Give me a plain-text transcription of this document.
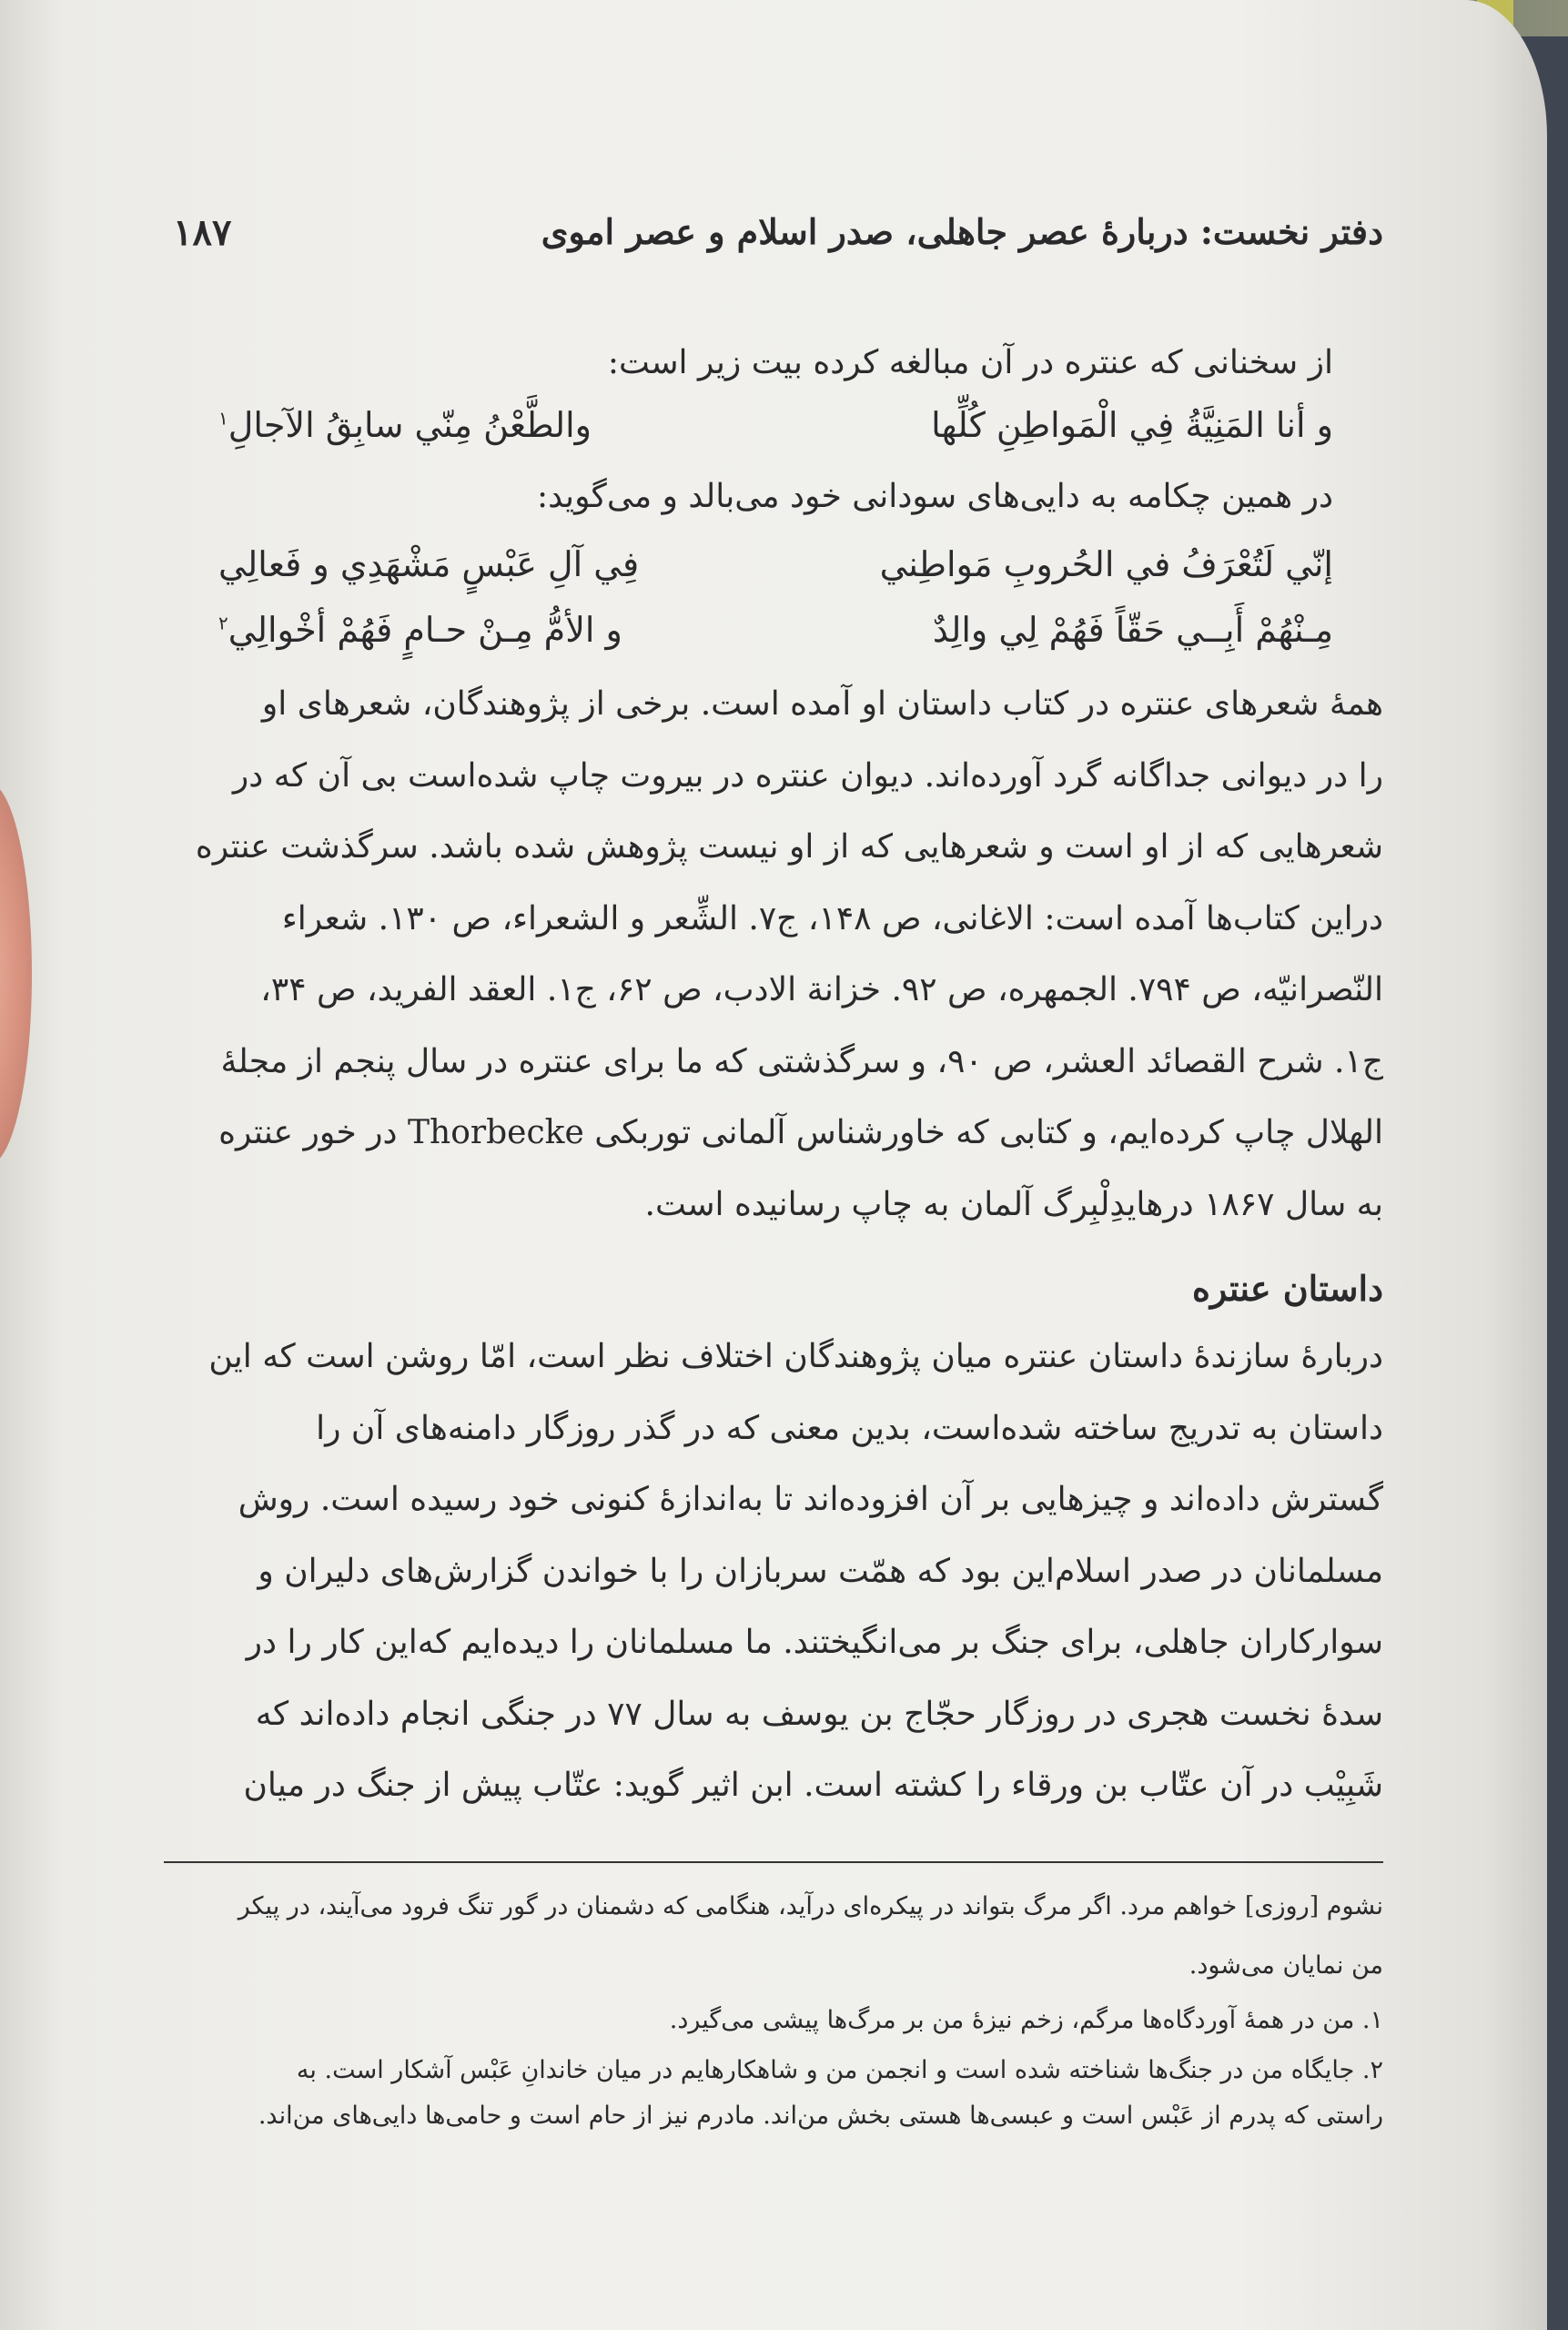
دفتر نخست: دربارۀ عصر جاهلی، صدر اسلام و عصر اموی
۱۸۷
از سخنانی که عنتره در آن مبالغه کرده بیت زیر است:
و أنا المَنِيَّةُ فِي الْمَواطِنِ كُلِّها
والطَّعْنُ مِنّي سابِقُ الآجالِ$^۱$
در همین چکامه به دایی‌های سودانی خود می‌بالد و می‌گوید:
إنّي لَتُعْرَفُ في الحُروبِ مَواطِني
فِي آلِ عَبْسٍ مَشْهَدِي و فَعالِي
مِـنْهُمْ أَبِــي حَقّاً فَهُمْ لِي والِدٌ
و الأمُّ مِـنْ حـامٍ فَهُمْ أخْوالِي$^۲$
همۀ شعرهای عنتره در کتاب داستان او آمده است. برخی از پژوهندگان، شعرهای او
را در دیوانی جداگانه گرد آورده‌اند. دیوان عنتره در بیروت چاپ شده‌است بی آن که در
شعرهایی که از او است و شعرهایی که از او نیست پژوهش شده باشد. سرگذشت عنتره
دراین کتاب‌ها آمده است: الاغانی، ص ۱۴۸، ج۷. الشِّعر و الشعراء، ص ۱۳۰. شعراء
النّصرانیّه، ص ۷۹۴. الجمهره، ص ۹۲. خزانة الادب، ص ۶۲، ج۱. العقد الفرید، ص ۳۴،
ج۱. شرح القصائد العشر، ص ۹۰، و سرگذشتی که ما برای عنتره در سال پنجم از مجلۀ
الهلال چاپ کرده‌ایم، و کتابی که خاورشناس آلمانی توربکی Thorbecke در خور عنتره
به سال ۱۸۶۷ درهایدِلْبِرگ آلمان به چاپ رسانیده است.
داستان عنتره
دربارۀ سازندۀ داستان عنتره میان پژوهندگان اختلاف نظر است، امّا روشن است که این
داستان به تدریج ساخته شده‌است، بدین معنی که در گذر روزگار دامنه‌های آن را
گسترش داده‌اند و چیزهایی بر آن افزوده‌اند تا به‌اندازۀ کنونی خود رسیده است. روش
مسلمانان در صدر اسلام‌این بود که همّت سربازان را با خواندن گزارش‌های دلیران و
سوارکاران جاهلی، برای جنگ بر می‌انگیختند. ما مسلمانان را دیده‌ایم که‌این کار را در
سدۀ نخست هجری در روزگار حجّاج بن یوسف به سال ۷۷ در جنگی انجام داده‌اند که
شَبِیْب در آن عتّاب بن ورقاء را کشته است. ابن اثیر گوید: عتّاب پیش از جنگ در میان
نشوم [روزی] خواهم مرد. اگر مرگ بتواند در پیکره‌ای درآید، هنگامی که دشمنان در گور تنگ فرود می‌آیند، در پیکر
من نمایان می‌شود.
۱. من در همۀ آوردگاه‌ها مرگم، زخم نیزۀ من بر مرگ‌ها پیشی می‌گیرد.
۲. جایگاه من در جنگ‌ها شناخته شده است و انجمن من و شاهکارهایم در میان خاندانِ عَبْس آشکار است. به
راستی که پدرم از عَبْس است و عبسی‌ها هستی بخش من‌اند. مادرم نیز از حام است و حامی‌ها دایی‌های من‌اند.
